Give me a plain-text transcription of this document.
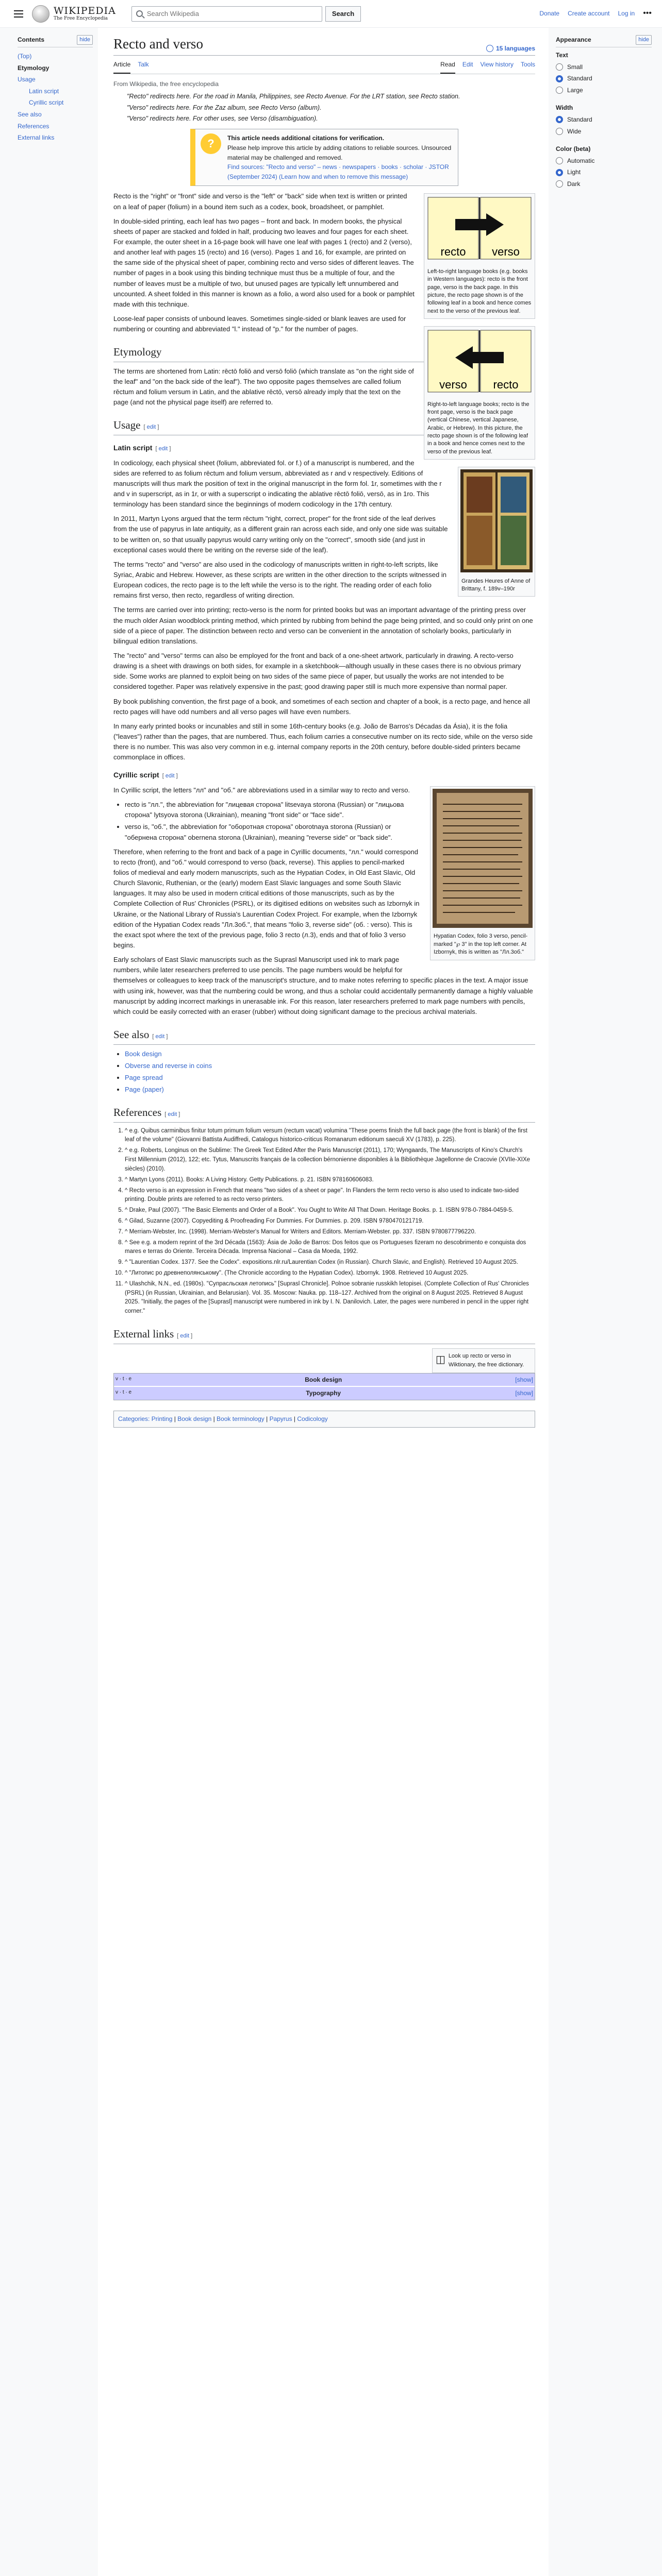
WIKIPEDIA
The Free Encyclopedia
Search Wikipedia
Search	Donate Create account Log in •••
Contents	hide
(Top)
Etymology
Usage
Latin script
Cyrillic script
See also
References
External links
Recto and verso	15 languages
Article Talk	Read Edit View history Tools
From Wikipedia, the free encyclopedia
"Recto" redirects here. For the road in Manila, Philippines, see Recto Avenue. For the LRT station, see Recto station.
"Verso" redirects here. For the Zaz album, see Recto Verso (album).
"Verso" redirects here. For other uses, see Verso (disambiguation).
?
This article needs additional citations for verification.
Please help improve this article by adding citations to reliable sources. Unsourced material may be challenged and removed.
Find sources: "Recto and verso" – news · newspapers · books · scholar · JSTOR (September 2024) (Learn how and when to remove this message)
recto verso
Left-to-right language books (e.g. books in Western languages): recto is the front page, verso is the back page. In this picture, the recto page shown is of the following leaf in a book and hence comes next to the verso of the previous leaf.

Recto is the "right" or "front" side and verso is the "left" or "back" side when text is written or printed on a leaf of paper (folium) in a bound item such as a codex, book, broadsheet, or pamphlet.

In double-sided printing, each leaf has two pages – front and back. In modern books, the physical sheets of paper are stacked and folded in half, producing two leaves and four pages for each sheet. For example, the outer sheet in a 16-page book will have one leaf with pages 1 (recto) and 2 (verso), and another leaf with pages 15 (recto) and 16 (verso). Pages 1 and 16, for example, are printed on the same side of the physical sheet of paper, combining recto and verso sides of different leaves. The number of pages in a book using this binding technique must thus be a multiple of four, and the number of leaves must be a multiple of two, but unused pages are typically left unnumbered and uncounted. A sheet folded in this manner is known as a folio, a word also used for a book or pamphlet made with this technique.

verso recto
Right-to-left language books; recto is the front page, verso is the back page (vertical Chinese, vertical Japanese, Arabic, or Hebrew). In this picture, the recto page shown is of the following leaf in a book and hence comes next to the verso of the previous leaf.

Loose-leaf paper consists of unbound leaves. Sometimes single-sided or blank leaves are used for numbering or counting and abbreviated "l." instead of "p." for the number of pages.

Etymology

The terms are shortened from Latin: rēctō foliō and versō foliō (which translate as "on the right side of the leaf" and "on the back side of the leaf"). The two opposite pages themselves are called folium rēctum and folium versum in Latin, and the ablative rēctō, versō already imply that the text on the page (and not the physical page itself) are referred to.

Usage [ edit ]
Latin script [ edit ]
Grandes Heures of Anne of Brittany, f. 189v–190r

In codicology, each physical sheet (folium, abbreviated fol. or f.) of a manuscript is numbered, and the sides are referred to as folium rēctum and folium versum, abbreviated as r and v respectively. Editions of manuscripts will thus mark the position of text in the original manuscript in the form fol. 1r, sometimes with the r and v in superscript, as in 1r, or with a superscript o indicating the ablative rēctō foliō, versō, as in 1ro. This terminology has been standard since the beginnings of modern codicology in the 17th century.

In 2011, Martyn Lyons argued that the term rēctum "right, correct, proper" for the front side of the leaf derives from the use of papyrus in late antiquity, as a different grain ran across each side, and only one side was suitable to be written on, so that usually papyrus would carry writing only on the "correct", smooth side (and just in exceptional cases would there be writing on the reverse side of the leaf).

The terms "recto" and "verso" are also used in the codicology of manuscripts written in right-to-left scripts, like Syriac, Arabic and Hebrew. However, as these scripts are written in the other direction to the scripts witnessed in European codices, the recto page is to the left while the verso is to the right. The reading order of each folio remains first verso, then recto, regardless of writing direction.

The terms are carried over into printing; recto-verso is the norm for printed books but was an important advantage of the printing press over the much older Asian woodblock printing method, which printed by rubbing from behind the page being printed, and so could only print on one side of a piece of paper. The distinction between recto and verso can be convenient in the annotation of scholarly books, particularly in bilingual edition translations.

The "recto" and "verso" terms can also be employed for the front and back of a one-sheet artwork, particularly in drawing. A recto-verso drawing is a sheet with drawings on both sides, for example in a sketchbook—although usually in these cases there is no obvious primary side. Some works are planned to exploit being on two sides of the same piece of paper, but usually the works are not intended to be considered together. Paper was relatively expensive in the past; good drawing paper still is much more expensive than normal paper.

By book publishing convention, the first page of a book, and sometimes of each section and chapter of a book, is a recto page, and hence all recto pages will have odd numbers and all verso pages will have even numbers.

In many early printed books or incunables and still in some 16th-century books (e.g. João de Barros's Décadas da Ásia), it is the folia ("leaves") rather than the pages, that are numbered. Thus, each folium carries a consecutive number on its recto side, while on the verso side there is no number. This was also very common in e.g. internal company reports in the 20th century, before double-sided printers became commonplace in offices.

Cyrillic script [ edit ]
Hypatian Codex, folio 3 verso, pencil-marked "℘ 3" in the top left corner. At Izbornyk, this is written as "Лл.3об."

In Cyrillic script, the letters "лл" and "об." are abbreviations used in a similar way to recto and verso.

• recto is "лл.", the abbreviation for "лицевая сторона" litsevaya storona (Russian) or "лицьова сторона" lytsyova storona (Ukrainian), meaning "front side" or "face side".
• verso is, "об.", the abbreviation for "оборотная сторона" oborotnaya storona (Russian) or "обернена сторона" obernena storona (Ukrainian), meaning "reverse side" or "back side".

Therefore, when referring to the front and back of a page in Cyrillic documents, "лл." would correspond to recto (front), and "об." would correspond to verso (back, reverse). This applies to pencil-marked folios of medieval and early modern manuscripts, such as the Hypatian Codex, in Old East Slavic, Old Church Slavonic, Ruthenian, or the (early) modern East Slavic languages and some South Slavic languages. It may also be used in modern critical editions of those manuscripts, such as by the Complete Collection of Rus' Chronicles (PSRL), or its digitised editions on websites such as Izbornyk in Ukraine, or the National Library of Russia's Laurentian Codex Project. For example, when the Izbornyk edition of the Hypatian Codex reads "Лл.3об.", that means "folio 3, reverse side" (об. : verso). This is the exact spot where the text of the previous page, folio 3 recto (л.3), ends and that of folio 3 verso begins.

Early scholars of East Slavic manuscripts such as the Suprasl Manuscript used ink to mark page numbers, while later researchers preferred to use pencils. The page numbers would be helpful for themselves or colleagues to keep track of the manuscript's structure, and to make notes referring to specific places in the text. A major issue with using ink, however, was that the numbering could be wrong, and thus a scholar could accidentally permanently damage a highly valuable manuscript by adding incorrect markings in unerasable ink. For this reason, later researchers preferred to mark page numbers with pencils, which could be easily corrected with an eraser (rubber) without doing significant damage to the precious archival materials.

See also [ edit ]
• Book design
• Obverse and reverse in coins
• Page spread
• Page (paper)
References [ edit ]
1. ^ e.g. Quibus carminibus finitur totum primum folium versum (rectum vacat) volumina "These poems finish the full back page (the front is blank) of the first leaf of the volume" (Giovanni Battista Audiffredi, Catalogus historico-criticus Romanarum editionum saeculi XV (1783), p. 225).
2. ^ e.g. Roberts, Longinus on the Sublime: The Greek Text Edited After the Paris Manuscript (2011), 170; Wyngaards, The Manuscripts of Kino's Church's First Millennium (2012), 122; etc. Tytus, Manuscrits français de la collection bérnonienne disponibles à la Bibliothèque Jagellonne de Cracovie (XVIIe-XIXe siècles) (2010).
3. ^ Martyn Lyons (2011). Books: A Living History. Getty Publications. p. 21. ISBN 978160606083.
4. ^ Recto verso is an expression in French that means "two sides of a sheet or page". In Flanders the term recto verso is also used to indicate two-sided printing. Double prints are referred to as recto verso printers.
5. ^ Drake, Paul (2007). "The Basic Elements and Order of a Book". You Ought to Write All That Down. Heritage Books. p. 1. ISBN 978-0-7884-0459-5.
6. ^ Gilad, Suzanne (2007). Copyediting & Proofreading For Dummies. For Dummies. p. 209. ISBN 9780470121719.
7. ^ Merriam-Webster, Inc. (1998). Merriam-Webster's Manual for Writers and Editors. Merriam-Webster. pp. 337. ISBN 9780877796220.
8. ^ See e.g. a modern reprint of the 3rd Década (1563): Ásia de João de Barros: Dos feitos que os Portugueses fizeram no descobrimento e conquista dos mares e terras do Oriente. Terceira Década. Imprensa Nacional – Casa da Moeda, 1992.
9. ^ "Laurentian Codex. 1377. See the Codex". expositions.nlr.ru/Laurentian Codex (in Russian). Church Slavic, and English). Retrieved 10 August 2025.
10. ^ "Литопис ро древнеполянському". (The Chronicle according to the Hypatian Codex). Izbornyk. 1908. Retrieved 10 August 2025.
11. ^ Ulashchik, N.N., ed. (1980s). "Супрасльская летопись" [Suprasl Chronicle]. Polnoe sobranie russkikh letopisei. (Complete Collection of Rus' Chronicles (PSRL) (in Russian, Ukrainian, and Belarusian). Vol. 35. Moscow: Nauka. pp. 118–127. Archived from the original on 8 August 2025. Retrieved 8 August 2025. "Initially, the pages of the [Suprasl] manuscript were numbered in ink by I. N. Danilovich. Later, the pages were numbered in pencil in the upper right corner."
External links [ edit ]
◫ Look up recto or verso in Wiktionary, the free dictionary.
v · t · e	Book design	[show]
v · t · e	Typography	[show]
Categories: Printing | Book design | Book terminology | Papyrus | Codicology
Appearance	hide
Text
Small
Standard
Large
Width
Standard
Wide
Color (beta)
Automatic
Light
Dark
